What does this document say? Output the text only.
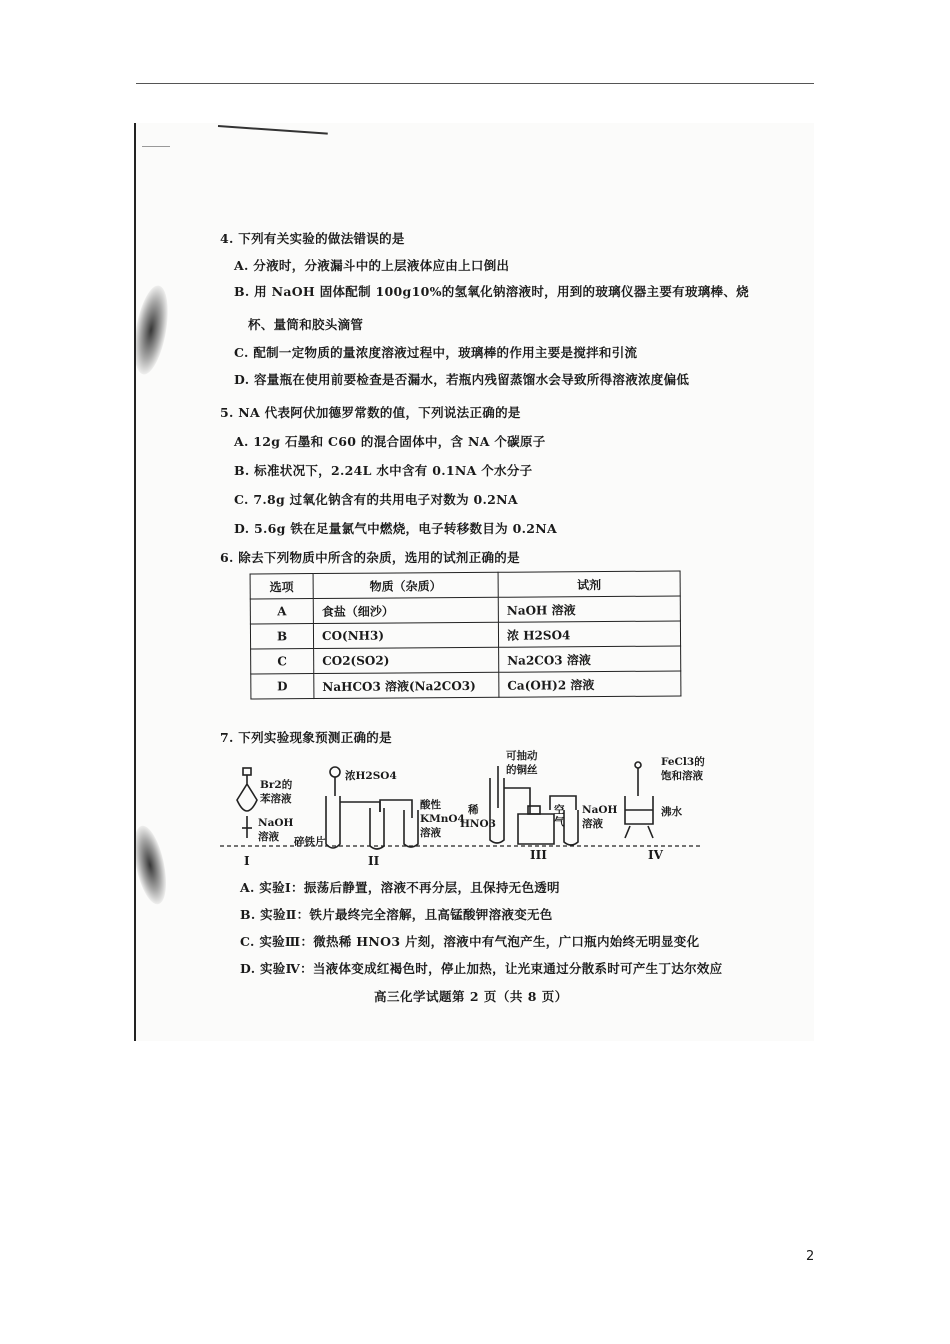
4. 下列有关实验的做法错误的是
A. 分液时，分液漏斗中的上层液体应由上口倒出
B. 用 NaOH 固体配制 100g10%的氢氧化钠溶液时，用到的玻璃仪器主要有玻璃棒、烧
杯、量筒和胶头滴管
C. 配制一定物质的量浓度溶液过程中，玻璃棒的作用主要是搅拌和引流
D. 容量瓶在使用前要检查是否漏水，若瓶内残留蒸馏水会导致所得溶液浓度偏低
5. NA 代表阿伏加德罗常数的值，下列说法正确的是
A. 12g 石墨和 C60 的混合固体中，含 NA 个碳原子
B. 标准状况下，2.24L 水中含有 0.1NA 个水分子
C. 7.8g 过氧化钠含有的共用电子对数为 0.2NA
D. 5.6g 铁在足量氯气中燃烧，电子转移数目为 0.2NA
6. 除去下列物质中所含的杂质，选用的试剂正确的是
选项	物质（杂质）	试剂
A	食盐（细沙）	NaOH 溶液
B	CO(NH3)	浓 H2SO4
C	CO2(SO2)	Na2CO3 溶液
D	NaHCO3 溶液(Na2CO3)	Ca(OH)2 溶液
7. 下列实验现象预测正确的是
Br2的
苯溶液
NaOH
溶液
浓H2SO4
酸性
KMnO4
溶液
碎铁片
可抽动
的铜丝
稀
HNO3
空气
NaOH
溶液
FeCl3的
饱和溶液
沸水
I	II	III	IV
A. 实验Ⅰ：振荡后静置，溶液不再分层，且保持无色透明
B. 实验Ⅱ：铁片最终完全溶解，且高锰酸钾溶液变无色
C. 实验Ⅲ：微热稀 HNO3 片刻，溶液中有气泡产生，广口瓶内始终无明显变化
D. 实验Ⅳ：当液体变成红褐色时，停止加热，让光束通过分散系时可产生丁达尔效应
高三化学试题第 2 页（共 8 页）
2
